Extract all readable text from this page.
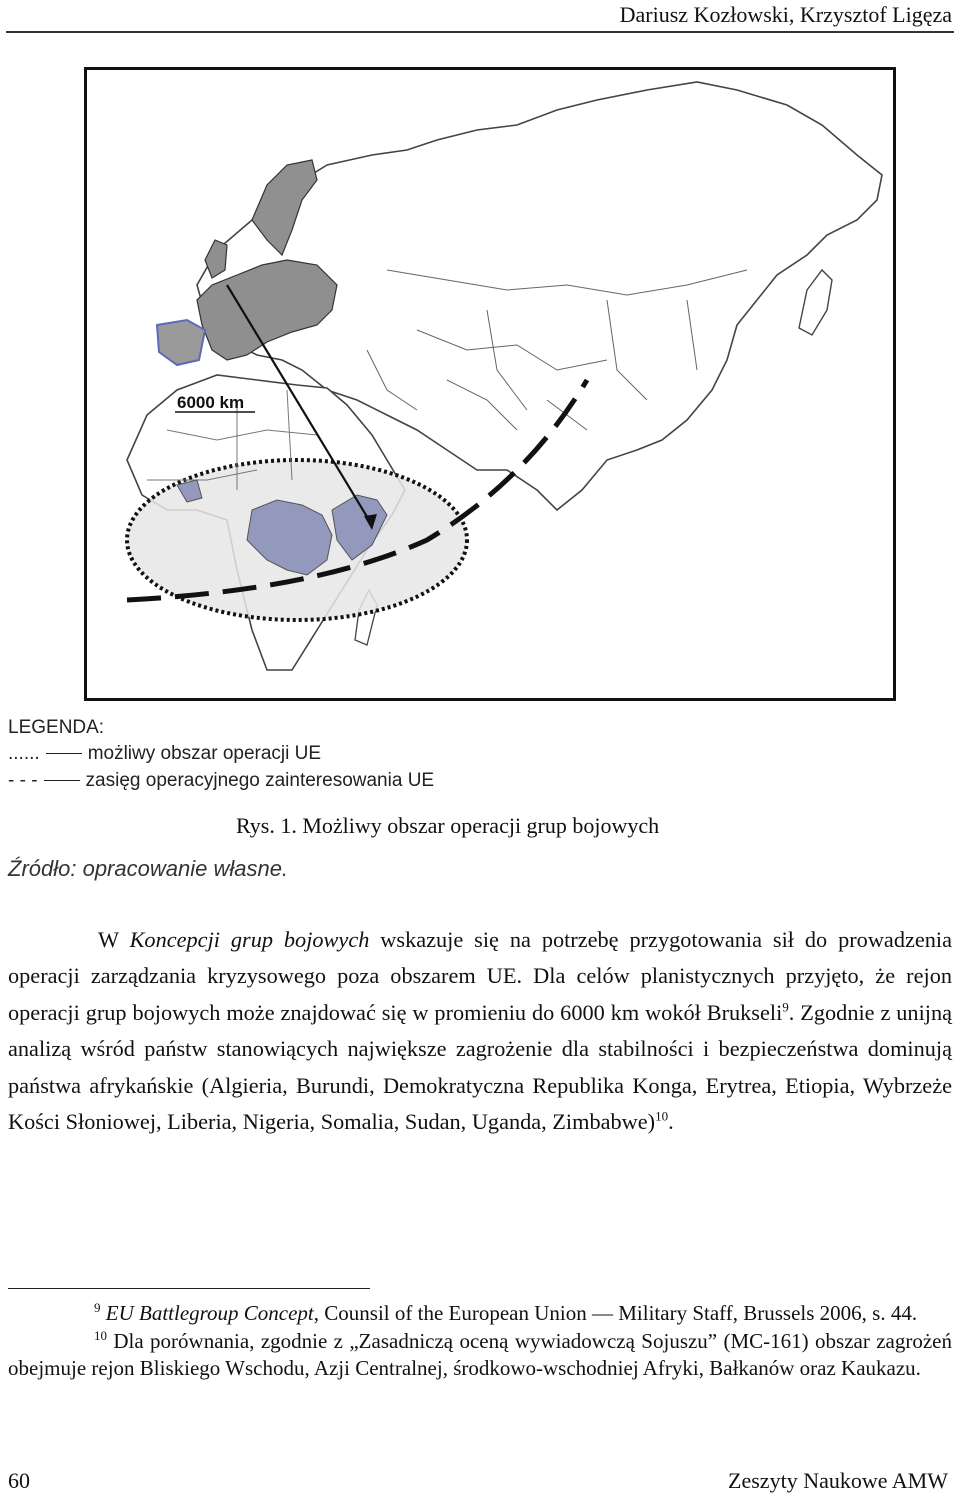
Dariusz Kozłowski, Krzysztof Ligęza
6000 km
LEGENDA:
......	możliwy obszar operacji UE
- - -	zasięg operacyjnego zainteresowania UE
Rys. 1. Możliwy obszar operacji grup bojowych
Źródło: opracowanie własne.

W Koncepcji grup bojowych wskazuje się na potrzebę przygotowania sił do prowadzenia operacji zarządzania kryzysowego poza obszarem UE. Dla celów planistycznych przyjęto, że rejon operacji grup bojowych może znajdować się w promieniu do 6000 km wokół Brukseli$^9$. Zgodnie z unijną analizą wśród państw stanowiących największe zagrożenie dla stabilności i bezpieczeństwa dominują państwa afrykańskie (Algieria, Burundi, Demokratyczna Republika Konga, Erytrea, Etiopia, Wybrzeże Kości Słoniowej, Liberia, Nigeria, Somalia, Sudan, Uganda, Zimbabwe)$^{10}$.

$^9$ EU Battlegroup Concept, Counsil of the European Union — Military Staff, Brussels 2006, s. 44.

$^{10}$ Dla porównania, zgodnie z „Zasadniczą oceną wywiadowczą Sojuszu” (MC-161) obszar zagrożeń obejmuje rejon Bliskiego Wschodu, Azji Centralnej, środkowo-wschodniej Afryki, Bałkanów oraz Kaukazu.

60	Zeszyty Naukowe AMW
